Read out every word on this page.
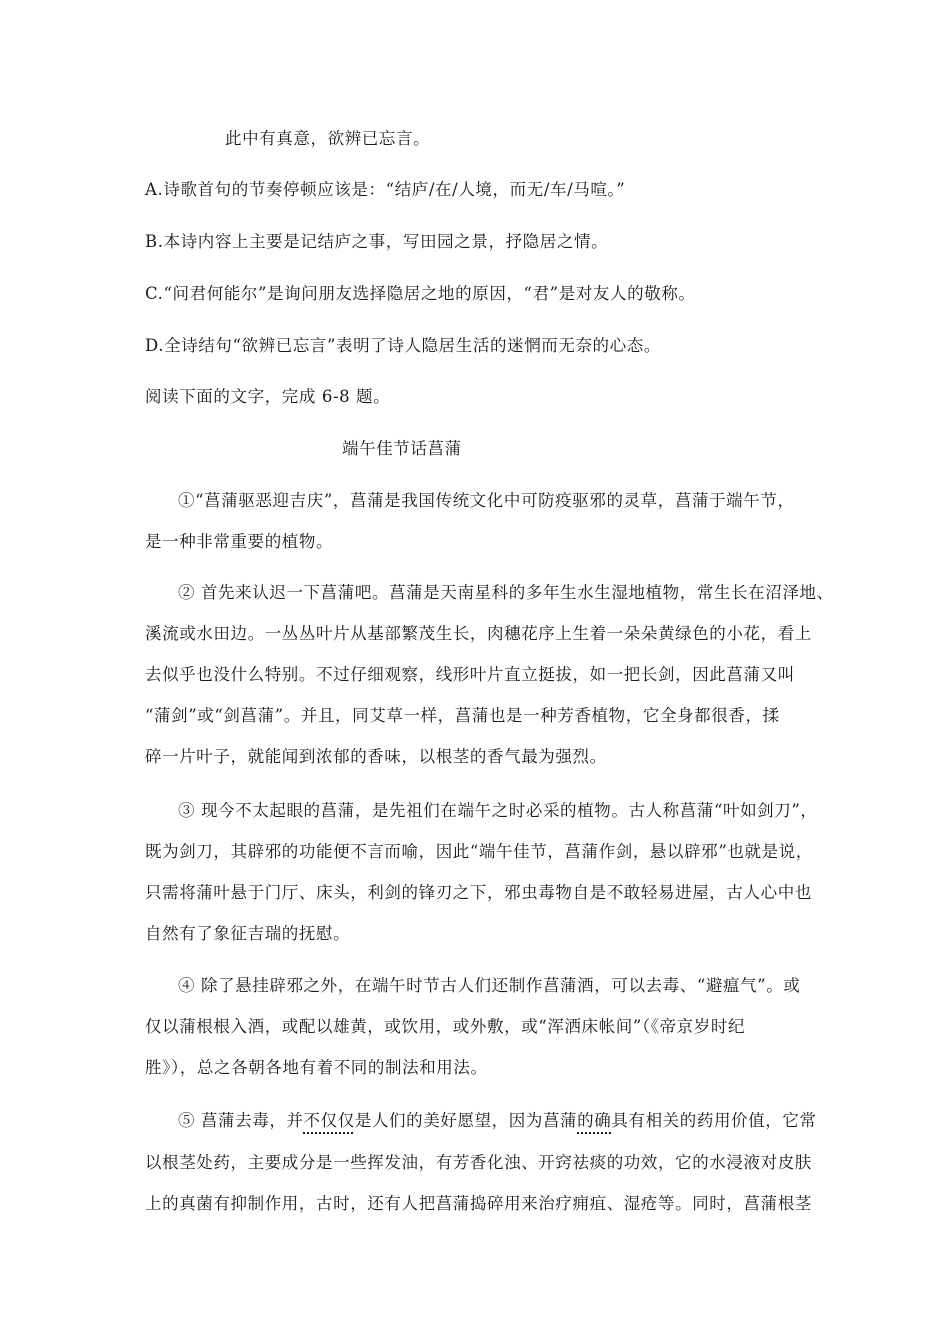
此中有真意，欲辨已忘言。
A.诗歌首句的节奏停顿应该是：“结庐/在/人境，而无/车/马喧。”
B.本诗内容上主要是记结庐之事，写田园之景，抒隐居之情。
C.“问君何能尔”是询问朋友选择隐居之地的原因，“君”是对友人的敬称。
D.全诗结句“欲辨已忘言”表明了诗人隐居生活的迷惘而无奈的心态。
阅读下面的文字，完成 6-8 题。
端午佳节话菖蒲
①“菖蒲驱恶迎吉庆”，菖蒲是我国传统文化中可防疫驱邪的灵草，菖蒲于端午节，
是一种非常重要的植物。
② 首先来认迟一下菖蒲吧。菖蒲是天南星科的多年生水生湿地植物，常生长在沼泽地、
溪流或水田边。一丛丛叶片从基部繁茂生长，肉穗花序上生着一朵朵黄绿色的小花，看上
去似乎也没什么特别。不过仔细观察，线形叶片直立挺拔，如一把长剑，因此菖蒲又叫
“蒲剑”或“剑菖蒲”。并且，同艾草一样，菖蒲也是一种芳香植物，它全身都很香，揉
碎一片叶子，就能闻到浓郁的香味，以根茎的香气最为强烈。
③ 现今不太起眼的菖蒲，是先祖们在端午之时必采的植物。古人称菖蒲“叶如剑刀”，
既为剑刀，其辟邪的功能便不言而喻，因此“端午佳节，菖蒲作剑，悬以辟邪”也就是说，
只需将蒲叶悬于门厅、床头，利剑的锋刃之下，邪虫毒物自是不敢轻易进屋，古人心中也
自然有了象征吉瑞的抚慰。
④ 除了悬挂辟邪之外，在端午时节古人们还制作菖蒲酒，可以去毒、“避瘟气”。或
仅以蒲根根入酒，或配以雄黄，或饮用，或外敷，或“浑洒床帐间”（《帝京岁时纪
胜》），总之各朝各地有着不同的制法和用法。
⑤ 菖蒲去毒，并不仅仅是人们的美好愿望，因为菖蒲的确具有相关的药用价值，它常
以根茎处药，主要成分是一些挥发油，有芳香化浊、开窍祛痰的功效，它的水浸液对皮肤
上的真菌有抑制作用，古时，还有人把菖蒲捣碎用来治疗痈疽、湿疮等。同时，菖蒲根茎
